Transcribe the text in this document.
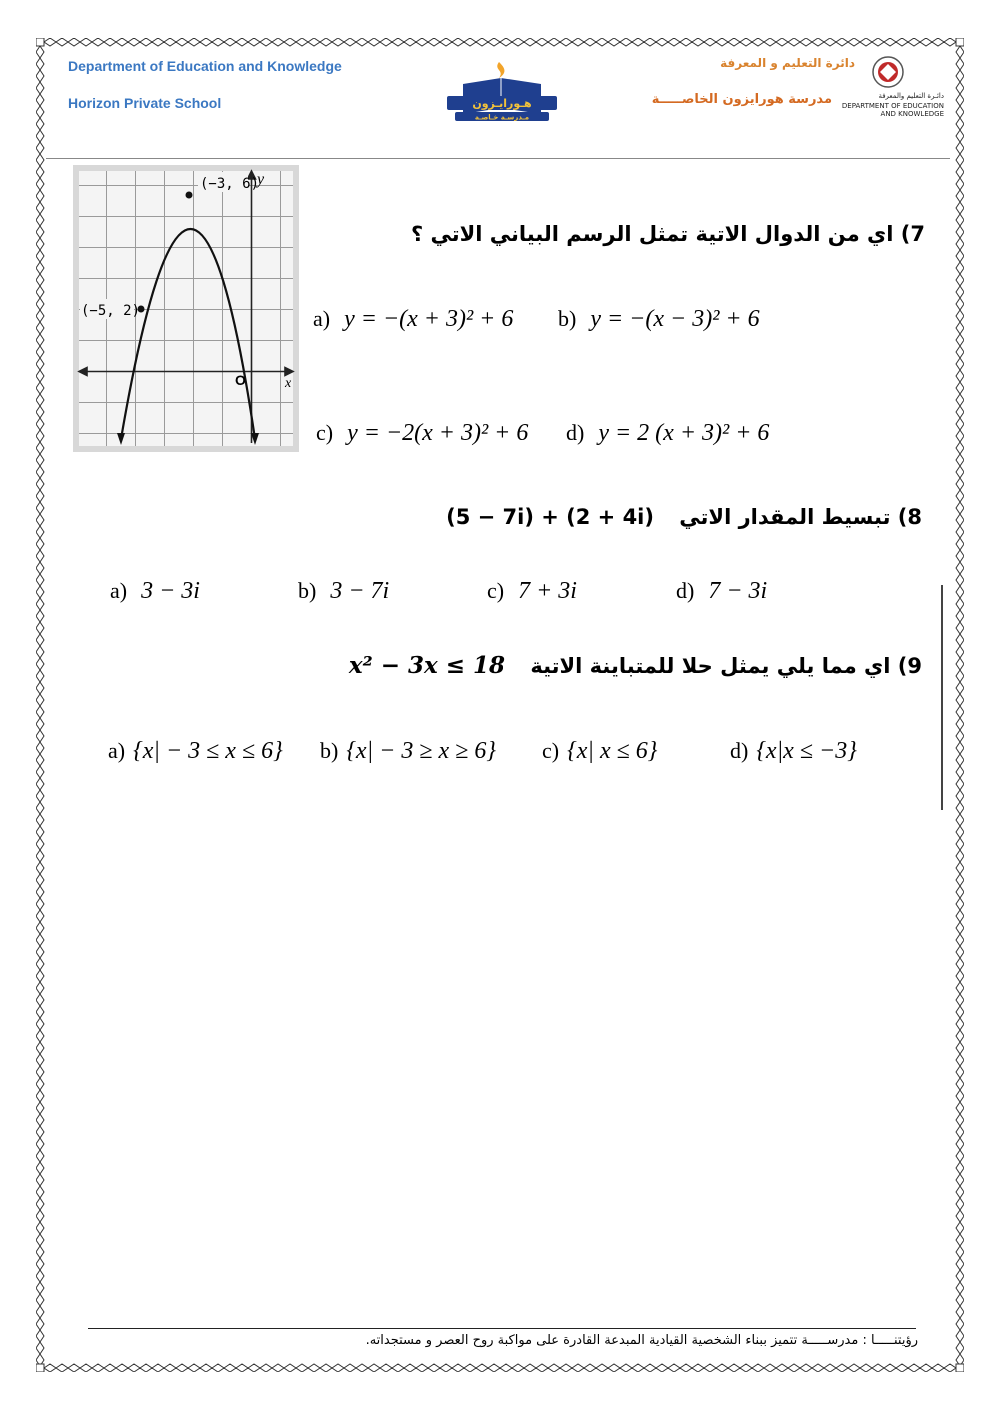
Department of Education and Knowledge
Horizon Private School	هـورايـزون
مـدرسـة خـاصـة
دائرة التعليم و المعرفة
مدرسة هورايزون الخاصـــــة	دائـرة التعليم والمعرفة
DEPARTMENT OF EDUCATION
AND KNOWLEDGE
(−3, 6)
y
(−5, 2)
x
O
7) اي من الدوال الاتية تمثل الرسم البياني الاتي ؟
a) y = −(x + 3)² + 6 b) y = −(x − 3)² + 6
c) y = −2(x + 3)² + 6 d) y = 2 (x + 3)² + 6
8) تبسيط المقدار الاتي (5 − 7i) + (2 + 4i)
a) 3 − 3i	b) 3 − 7i	c) 7 + 3i	d) 7 − 3i
9) اي مما يلي يمثل حلا للمتباينة الاتية x² − 3x ≤ 18
a) {x| − 3 ≤ x ≤ 6} b) {x| − 3 ≥ x ≥ 6} c) {x| x ≤ 6}	d) {x|x ≤ −3}
رؤيتنـــــا : مدرســـــة تتميز ببناء الشخصية القيادية المبدعة القادرة على مواكبة روح العصر و مستجداته.
